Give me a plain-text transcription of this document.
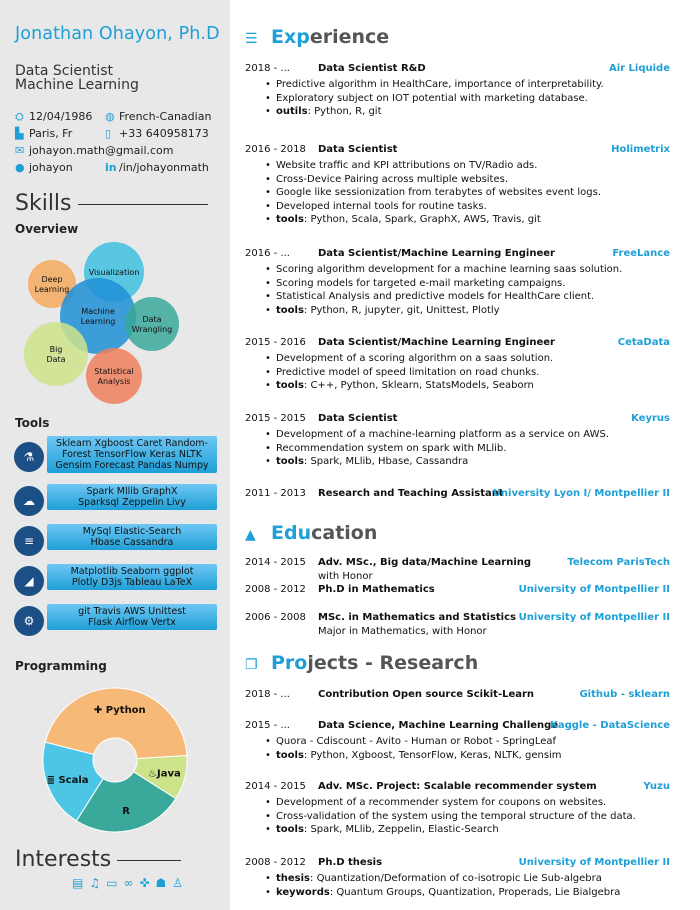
Jonathan Ohayon, Ph.D
Data Scientist
Machine Learning
⛭ 12/04/1986 ◍ French-Canadian
▙ Paris, Fr	▯ +33 640958173
✉ johayon.math@gmail.com
● johayon	in /in/johayonmath
Skills
Overview
Visualization
Deep
Learning
Machine
Learning	Data
Wrangling
Big
Data
Statistical
Analysis
Tools
⚗
Sklearn Xgboost Caret Random-
Forest TensorFlow Keras NLTK
Gensim Forecast Pandas Numpy
☁
Spark Mllib GraphX
Sparksql Zeppelin Livy
≡
MySql Elastic-Search
Hbase Cassandra
◢
Matplotlib Seaborn ggplot
Plotly D3js Tableau LaTeX
⚙
git Travis AWS Unittest
Flask Airflow Vertx
Programming
✚ Python
♨Java
R
≣ Scala
Interests
▤♫▭∞✜☗♙
☰ Experience
2018 - ...	Data Scientist R&D	Air Liquide
• Predictive algorithm in HealthCare, importance of interpretability.
• Exploratory subject on IOT potential with marketing database.
• outils: Python, R, git
2016 - 2018 Data Scientist	Holimetrix
• Website traffic and KPI attributions on TV/Radio ads.
• Cross-Device Pairing across multiple websites.
• Google like sessionization from terabytes of websites event logs.
• Developed internal tools for routine tasks.
• tools: Python, Scala, Spark, GraphX, AWS, Travis, git
2016 - ...	Data Scientist/Machine Learning Engineer	FreeLance
• Scoring algorithm development for a machine learning saas solution.
• Scoring models for targeted e-mail marketing campaigns.
• Statistical Analysis and predictive models for HealthCare client.
• tools: Python, R, jupyter, git, Unittest, Plotly
2015 - 2016 Data Scientist/Machine Learning Engineer	CetaData
• Development of a scoring algorithm on a saas solution.
• Predictive model of speed limitation on road chunks.
• tools: C++, Python, Sklearn, StatsModels, Seaborn
2015 - 2015 Data Scientist	Keyrus
• Development of a machine-learning platform as a service on AWS.
• Recommendation system on spark with MLlib.
• tools: Spark, MLlib, Hbase, Cassandra
2011 - 2013 Research and Teaching Assistant
University Lyon I/ Montpellier II
▲ Education
2014 - 2015 Adv. MSc., Big data/Machine Learning	Telecom ParisTech
with Honor
2008 - 2012 Ph.D in Mathematics	University of Montpellier II
2006 - 2008 MSc. in Mathematics and Statistics University of Montpellier II
Major in Mathematics, with Honor
❐ Projects - Research
2018 - ...	Contribution Open source Scikit-Learn	Github - sklearn
2015 - ...	Data Science, Machine Learning Challenge
Kaggle - DataScience
• Quora - Cdiscount - Avito - Human or Robot - SpringLeaf
• tools: Python, Xgboost, TensorFlow, Keras, NLTK, gensim
2014 - 2015 Adv. MSc. Project: Scalable recommender system	Yuzu
• Development of a recommender system for coupons on websites.
• Cross-validation of the system using the temporal structure of the data.
• tools: Spark, MLlib, Zeppelin, Elastic-Search
2008 - 2012 Ph.D thesis	University of Montpellier II
• thesis: Quantization/Deformation of co-isotropic Lie Sub-algebra
• keywords: Quantum Groups, Quantization, Properads, Lie Bialgebra
